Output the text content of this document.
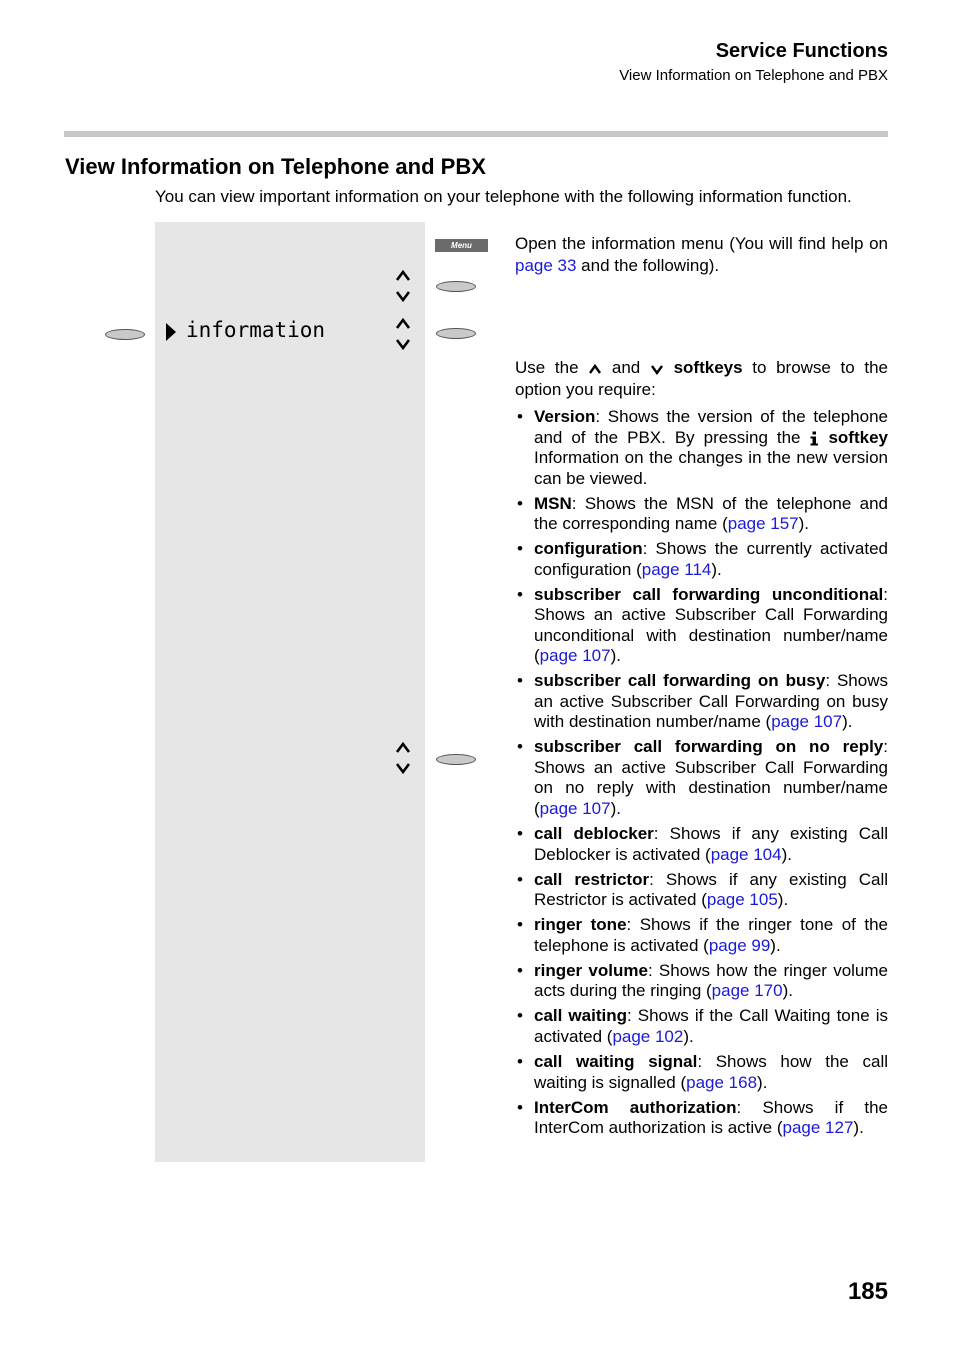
Service Functions
View Information on Telephone and PBX
View Information on Telephone and PBX
You can view important information on your telephone with the following information function.
Menu
information
Open the information menu (You will find help on page 33 and the following).
Use the and softkeys to browse to the option you require:
• Version: Shows the version of the telephone and of the PBX. By pressing the  softkey Information on the changes in the new version can be viewed.
• MSN: Shows the MSN of the telephone and the corresponding name (page 157).
• configuration: Shows the currently activated configuration (page 114).
• subscriber call forwarding unconditional: Shows an active Subscriber Call Forwarding unconditional with destination number/name (page 107).
• subscriber call forwarding on busy: Shows an active Subscriber Call Forwarding on busy with destination number/name (page 107).
• subscriber call forwarding on no reply: Shows an active Subscriber Call Forwarding on no reply with destination number/name (page 107).
• call deblocker: Shows if any existing Call Deblocker is activated (page 104).
• call restrictor: Shows if any existing Call Restrictor is activated (page 105).
• ringer tone: Shows if the ringer tone of the telephone is activated (page 99).
• ringer volume: Shows how the ringer volume acts during the ringing (page 170).
• call waiting: Shows if the Call Waiting tone is activated (page 102).
• call waiting signal: Shows how the call waiting is signalled (page 168).
• InterCom authorization: Shows if the InterCom authorization is active (page 127).
185
